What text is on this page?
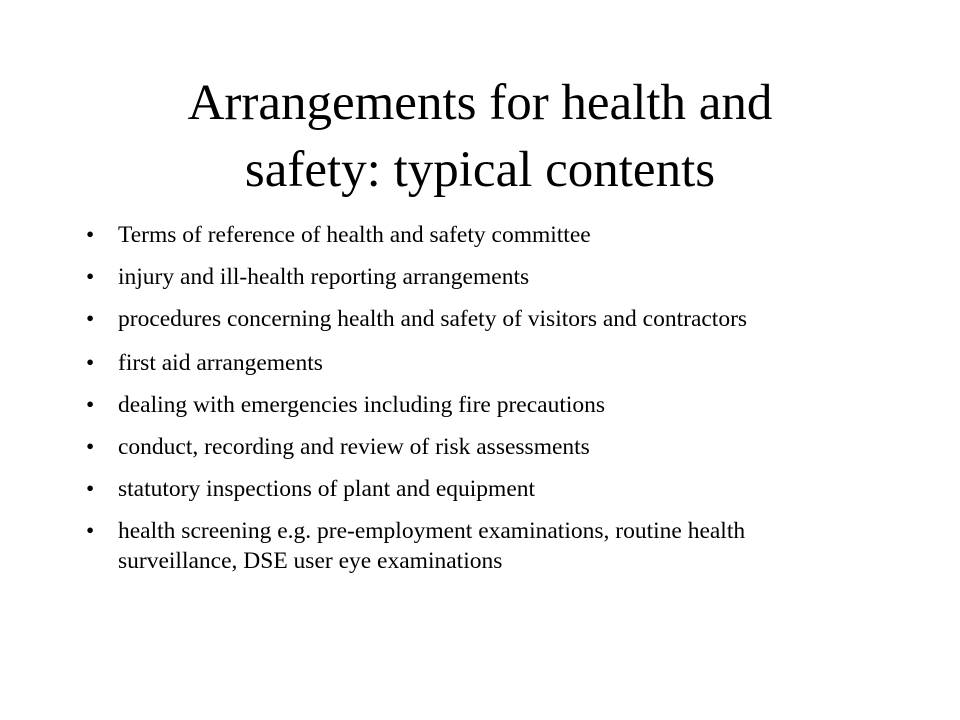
Arrangements for health and
safety: typical contents
• Terms of reference of health and safety committee
• injury and ill-health reporting arrangements
• procedures concerning health and safety of visitors and contractors
• first aid arrangements
• dealing with emergencies including fire precautions
• conduct, recording and review of risk assessments
• statutory inspections of plant and equipment
• health screening e.g. pre-employment examinations, routine health surveillance, DSE user eye examinations
